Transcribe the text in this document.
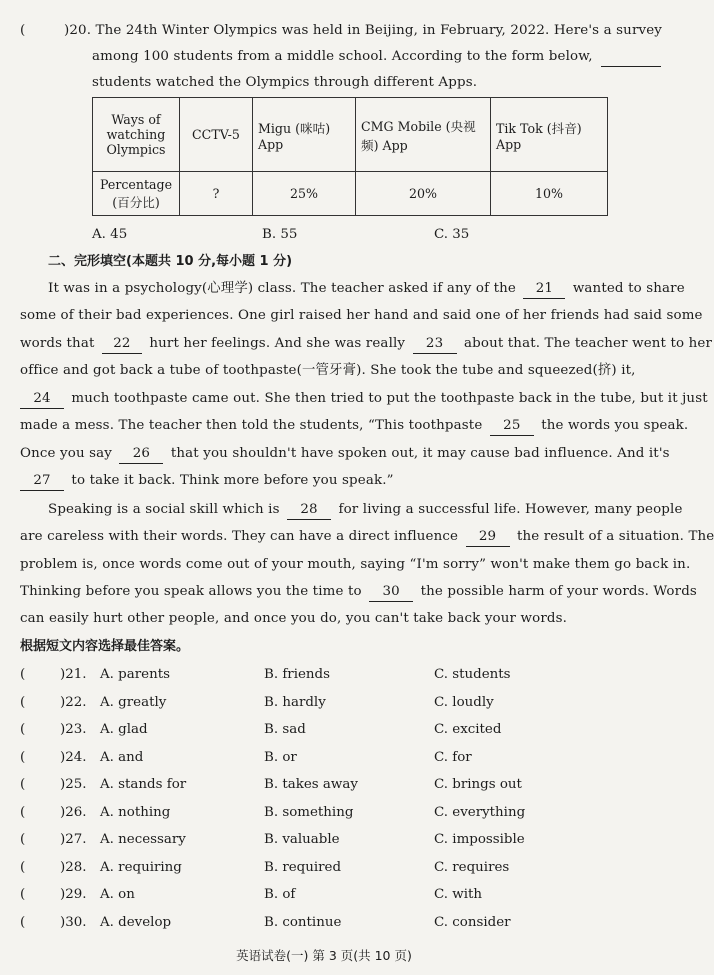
(	)20. The 24th Winter Olympics was held in Beijing, in February, 2022. Here's a survey
among 100 students from a middle school. According to the form below,
students watched the Olympics through different Apps.
Ways of watching Olympics	CCTV-5	Migu (咪咕) App	CMG Mobile (央视频) App	Tik Tok (抖音) App
Percentage (百分比)	?	25%	20%	10%
A. 45	B. 55	C. 35
二、完形填空(本题共 10 分,每小题 1 分)
It was in a psychology(心理学) class. The teacher asked if any of the 21 wanted to share
some of their bad experiences. One girl raised her hand and said one of her friends had said some
words that 22 hurt her feelings. And she was really 23 about that. The teacher went to her
office and got back a tube of toothpaste(一管牙膏). She took the tube and squeezed(挤) it,
24 much toothpaste came out. She then tried to put the toothpaste back in the tube, but it just
made a mess. The teacher then told the students, “This toothpaste 25 the words you speak.
Once you say 26 that you shouldn't have spoken out, it may cause bad influence. And it's
27 to take it back. Think more before you speak.”
Speaking is a social skill which is 28 for living a successful life. However, many people
are careless with their words. They can have a direct influence 29 the result of a situation. The
problem is, once words come out of your mouth, saying “I'm sorry” won't make them go back in.
Thinking before you speak allows you the time to 30 the possible harm of your words. Words
can easily hurt other people, and once you do, you can't take back your words.
根据短文内容选择最佳答案。
(	)21. A. parents	B. friends	C. students
(	)22. A. greatly	B. hardly	C. loudly
(	)23. A. glad	B. sad	C. excited
(	)24. A. and	B. or	C. for
(	)25. A. stands for	B. takes away	C. brings out
(	)26. A. nothing	B. something	C. everything
(	)27. A. necessary	B. valuable	C. impossible
(	)28. A. requiring	B. required	C. requires
(	)29. A. on	B. of	C. with
(	)30. A. develop	B. continue	C. consider
英语试卷(一) 第 3 页(共 10 页)
